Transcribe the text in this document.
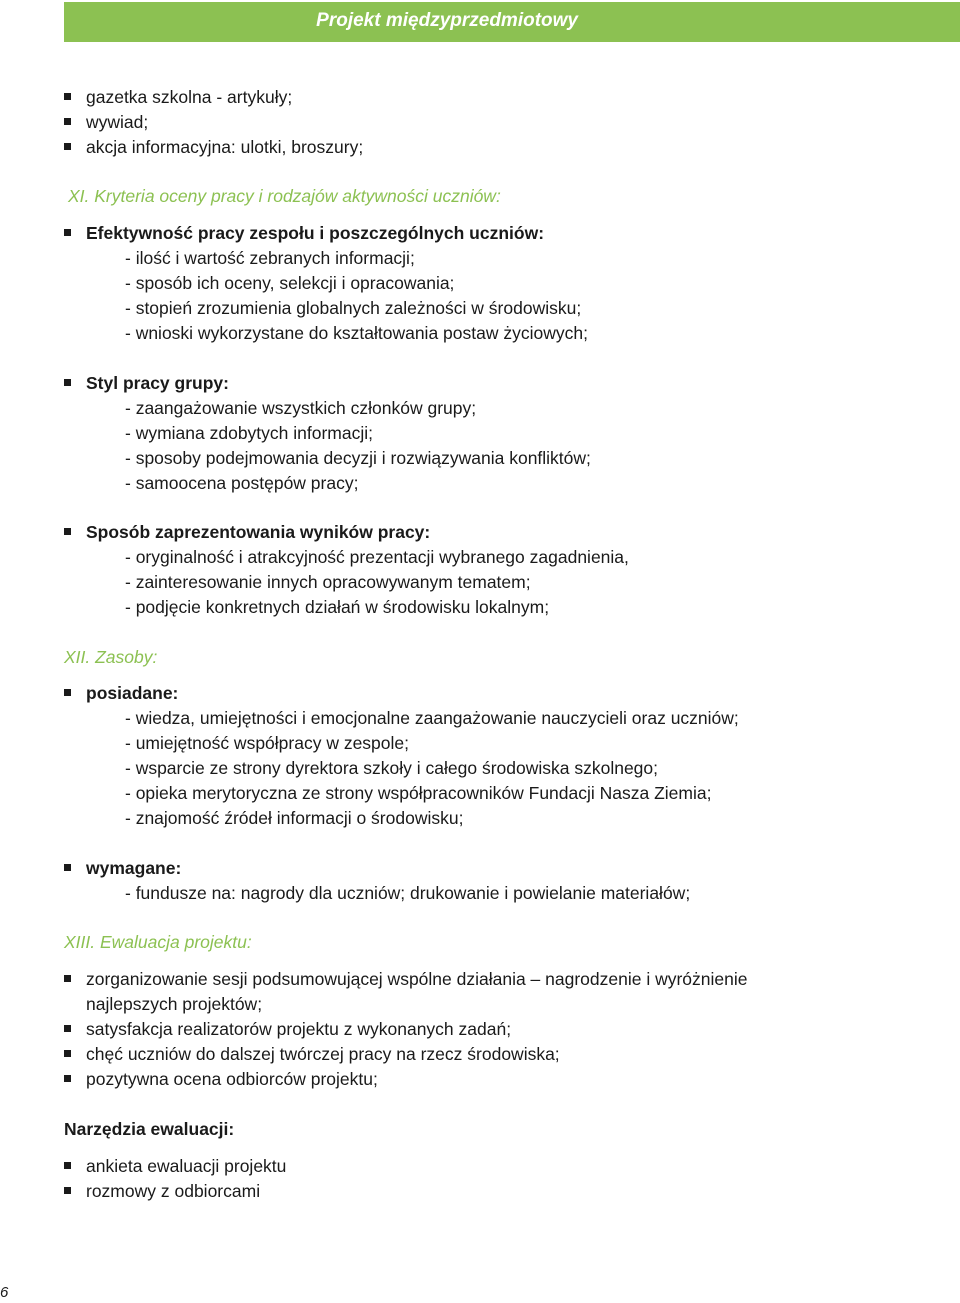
Projekt międzyprzedmiotowy
gazetka szkolna - artykuły;
wywiad;
akcja informacyjna: ulotki, broszury;
XI. Kryteria oceny pracy i rodzajów aktywności uczniów:
Efektywność pracy zespołu i poszczególnych uczniów:
- ilość i wartość zebranych informacji;
- sposób ich oceny, selekcji i opracowania;
- stopień zrozumienia globalnych zależności w środowisku;
- wnioski wykorzystane do kształtowania postaw życiowych;
Styl pracy grupy:
- zaangażowanie wszystkich członków grupy;
- wymiana zdobytych informacji;
- sposoby podejmowania decyzji i rozwiązywania konfliktów;
- samoocena postępów pracy;
Sposób zaprezentowania wyników pracy:
- oryginalność i atrakcyjność prezentacji wybranego zagadnienia,
- zainteresowanie innych opracowywanym tematem;
- podjęcie konkretnych działań w środowisku lokalnym;
XII. Zasoby:
posiadane:
- wiedza, umiejętności i emocjonalne zaangażowanie nauczycieli oraz uczniów;
- umiejętność współpracy w zespole;
- wsparcie ze strony dyrektora szkoły i całego środowiska szkolnego;
- opieka merytoryczna ze strony współpracowników Fundacji Nasza Ziemia;
- znajomość źródeł informacji o środowisku;
wymagane:
- fundusze na: nagrody dla uczniów; drukowanie i powielanie materiałów;
XIII. Ewaluacja projektu:
zorganizowanie sesji podsumowującej wspólne działania – nagrodzenie i wyróżnienie
najlepszych projektów;
satysfakcja realizatorów projektu z wykonanych zadań;
chęć uczniów do dalszej twórczej pracy na rzecz środowiska;
pozytywna ocena odbiorców projektu;
Narzędzia ewaluacji:
ankieta ewaluacji projektu
rozmowy z odbiorcami
6
